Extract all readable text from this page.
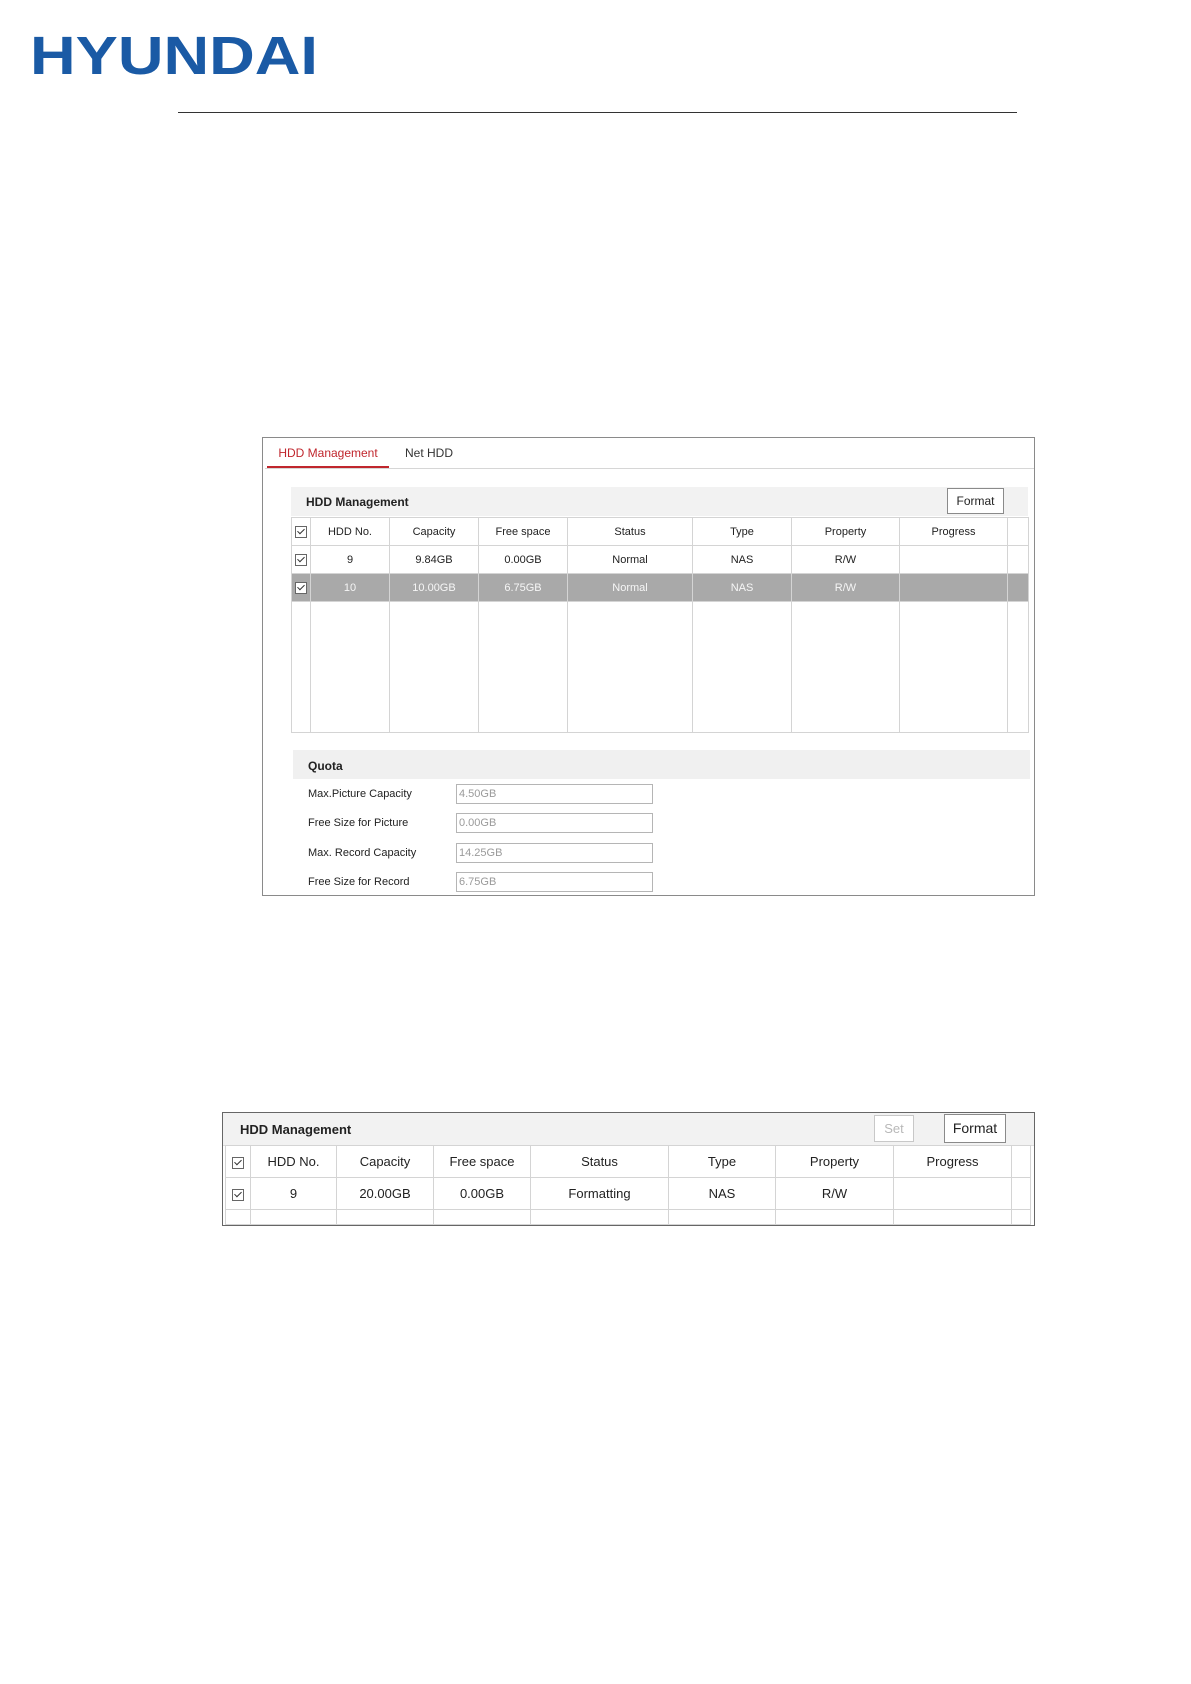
HYUNDAI
HDD Management	Net HDD
HDD Management	Format
	HDD No.	Capacity	Free space	Status	Type	Property	Progress	
	9	9.84GB	0.00GB	Normal	NAS	R/W		
	10	10.00GB	6.75GB	Normal	NAS	R/W		

Quota
Max.Picture Capacity	4.50GB
Free Size for Picture	0.00GB
Max. Record Capacity	14.25GB
Free Size for Record	6.75GB
HDD Management	Set	Format
	HDD No.	Capacity	Free space	Status	Type	Property	Progress	
	9	20.00GB	0.00GB	Formatting	NAS	R/W		
